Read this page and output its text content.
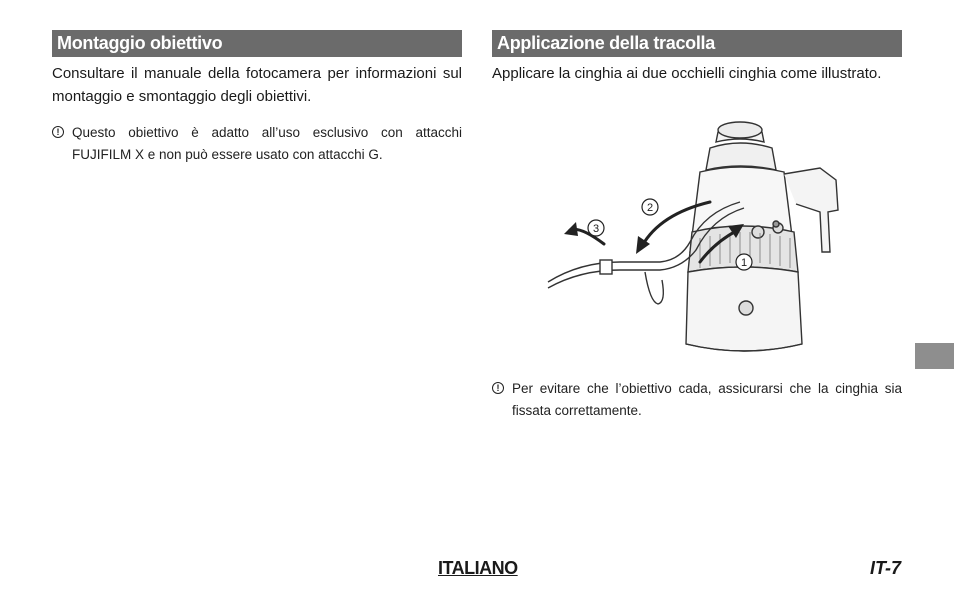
Montaggio obiettivo
Consultare il manuale della fotocamera per informazioni sul montaggio e smontaggio degli obiettivi.
! Questo obiettivo è adatto all’uso esclusivo con attacchi FUJIFILM X e non può essere usato con attacchi G.
Applicazione della tracolla
Applicare la cinghia ai due occhielli cinghia come illustrato.
1
2
3
! Per evitare che l’obiettivo cada, assicurarsi che la cinghia sia fissata correttamente.
ITALIANO	IT-7
